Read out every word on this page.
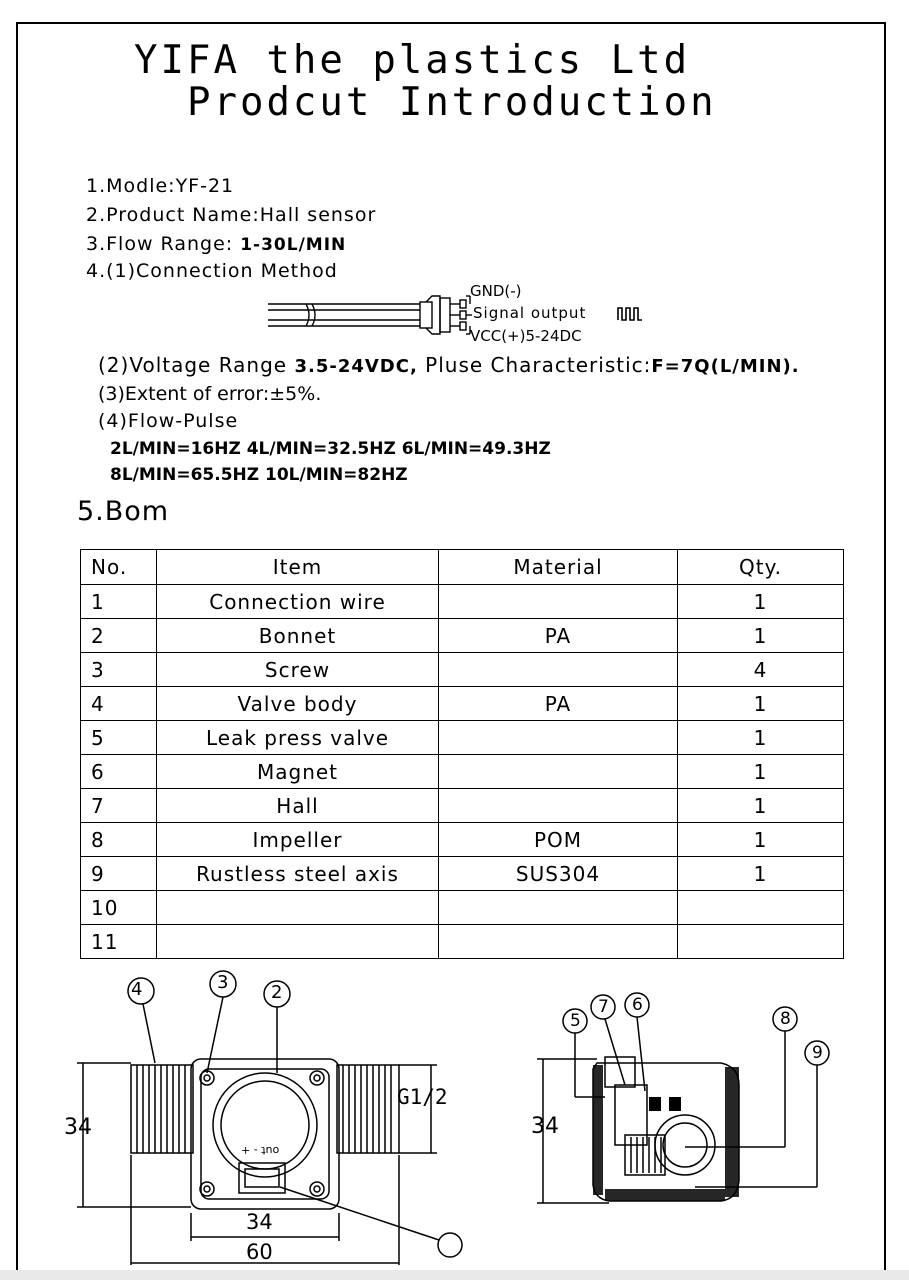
YIFA the plastics Ltd
Prodcut Introduction
1.Modle:YF-21
2.Product Name:Hall sensor
3.Flow Range: 1-30L/MIN
4.(1)Connection Method
GND(-)
Signal output
VCC(+)5-24DC
(2)Voltage Range 3.5-24VDC, Pluse Characteristic:F=7Q(L/MIN).
(3)Extent of error:±5%.
(4)Flow-Pulse
2L/MIN=16HZ 4L/MIN=32.5HZ 6L/MIN=49.3HZ
8L/MIN=65.5HZ 10L/MIN=82HZ
5.Bom
No.	Item	Material	Qty.
1	Connection wire		1
2	Bonnet	PA	1
3	Screw		4
4	Valve body	PA	1
5	Leak press valve		1
6	Magnet		1
7	Hall		1
8	Impeller	POM	1
9	Rustless steel axis	SUS304	1
10			
11			
4	3 2
34
G1/2
34
60
out - +
5
7 6
8
9
34
